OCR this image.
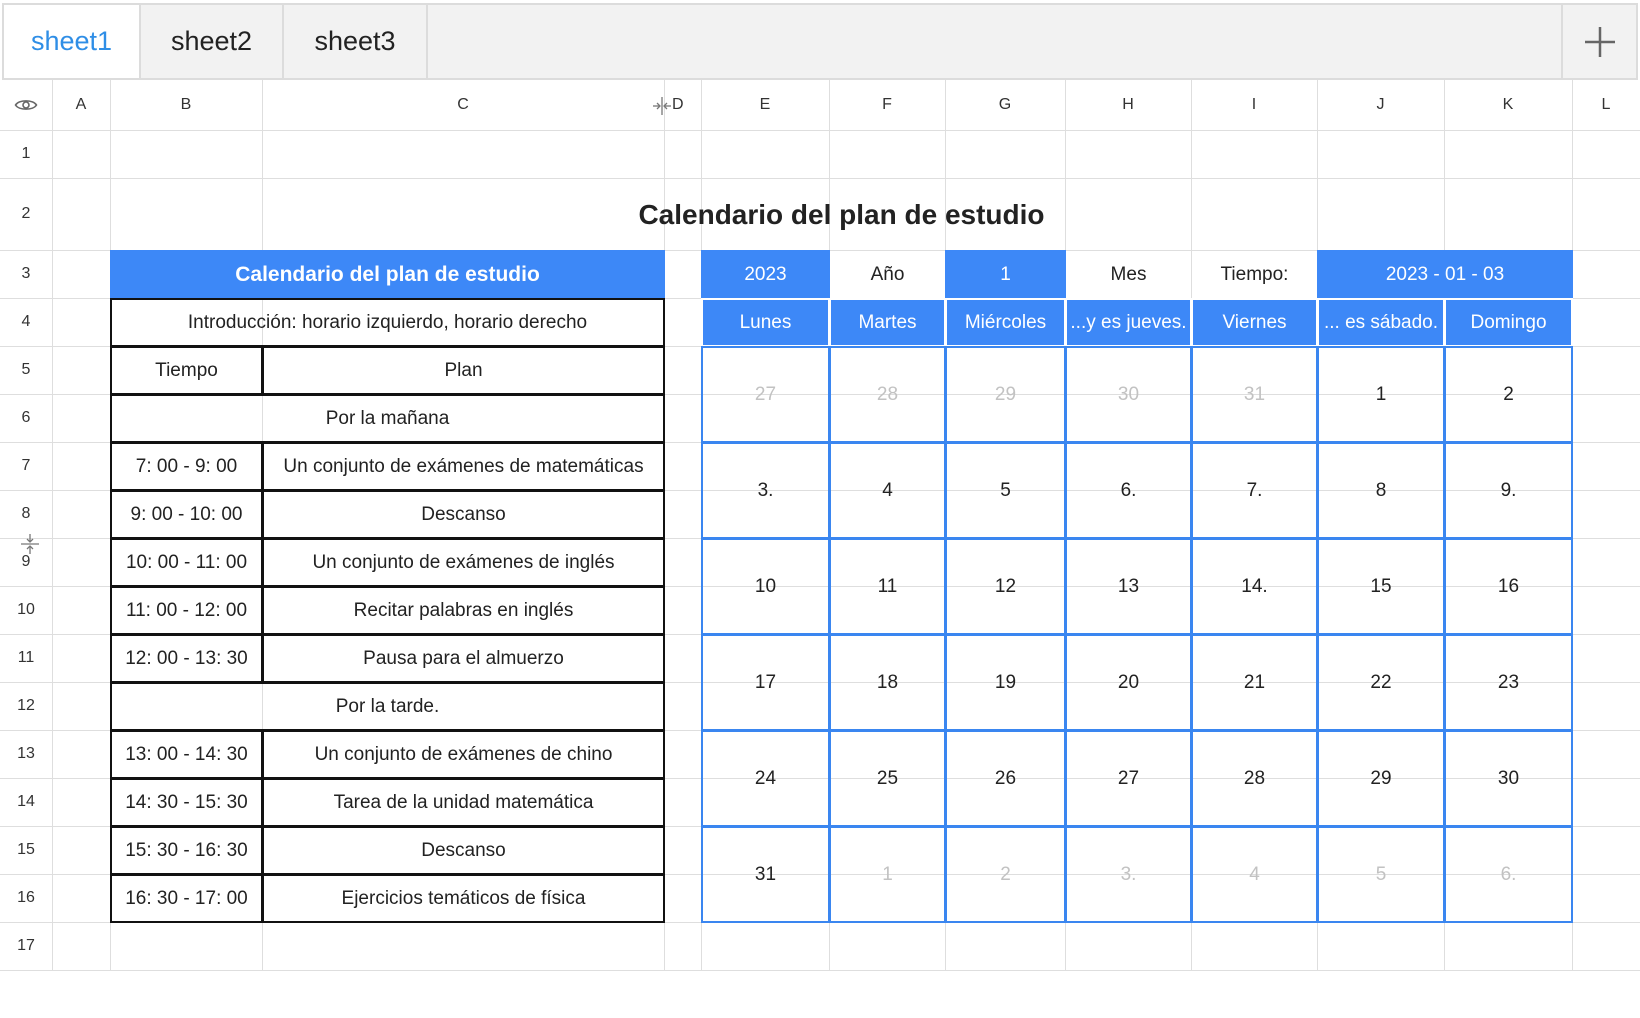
sheet1	sheet2	sheet3
A	B	C	D	E	F	G	H	I	J	K	L
1
2
3
4
5
6
7
8
9
10
11
12
13
14
15
16
17
Calendario del plan de estudio
Calendario del plan de estudio
Introducción: horario izquierdo, horario derecho
Tiempo	Plan
Por la mañana
7: 00 - 9: 00	Un conjunto de exámenes de matemáticas
9: 00 - 10: 00	Descanso
10: 00 - 11: 00	Un conjunto de exámenes de inglés
11: 00 - 12: 00	Recitar palabras en inglés
12: 00 - 13: 30	Pausa para el almuerzo
Por la tarde.
13: 00 - 14: 30	Un conjunto de exámenes de chino
14: 30 - 15: 30	Tarea de la unidad matemática
15: 30 - 16: 30	Descanso
16: 30 - 17: 00	Ejercicios temáticos de física
2023	Año	1	Mes	Tiempo:	2023 - 01 - 03
Lunes	Martes	Miércoles	...y es jueves.	Viernes	... es sábado.	Domingo
27	28	29	30	31	1	2
3.	4	5	6.	7.	8	9.
10	11	12	13	14.	15	16
17	18	19	20	21	22	23
24	25	26	27	28	29	30
31	1	2	3.	4	5	6.
